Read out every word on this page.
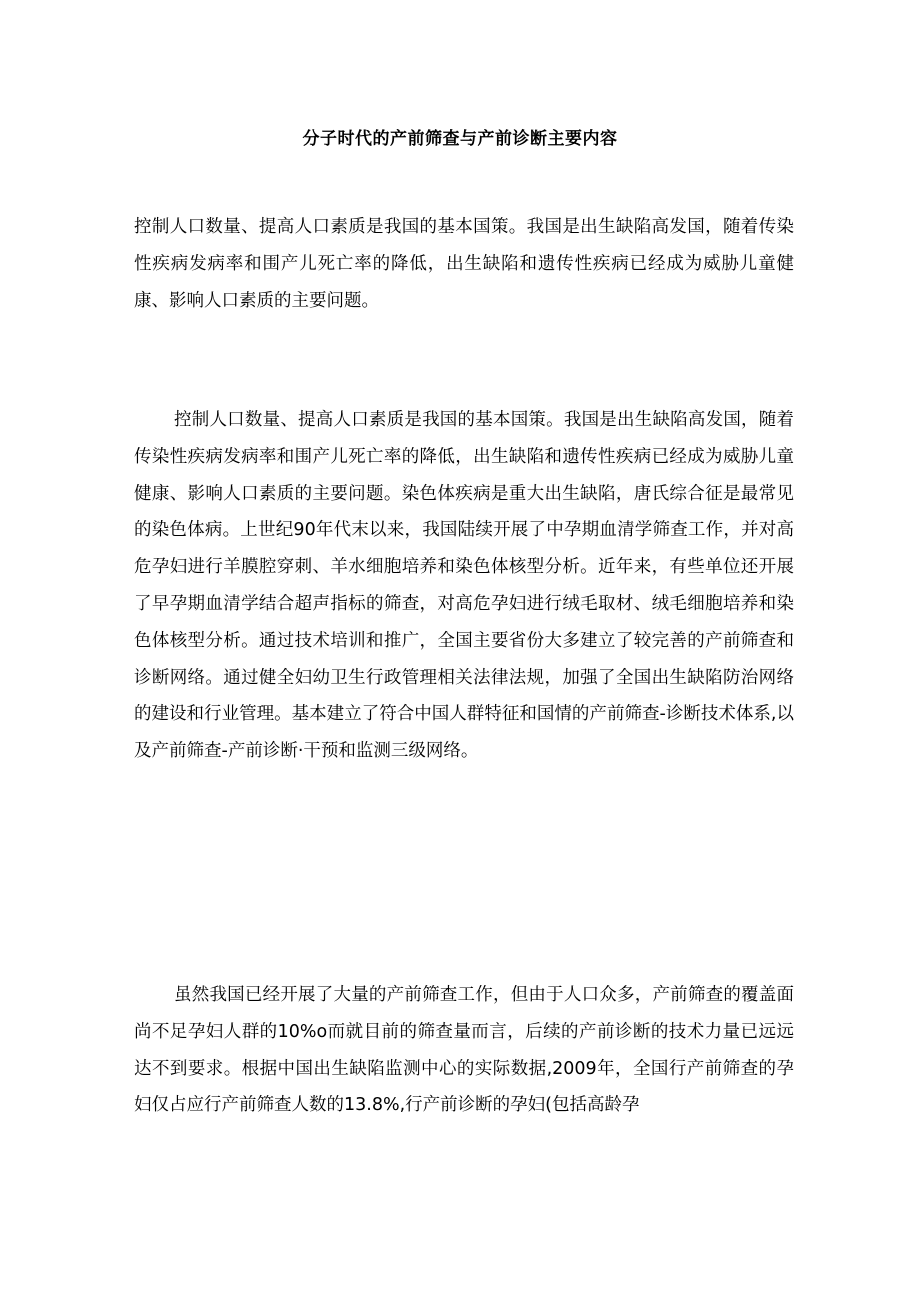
分子时代的产前筛查与产前诊断主要内容

控制人口数量、提高人口素质是我国的基本国策。我国是出生缺陷高发国，随着传染性疾病发病率和围产儿死亡率的降低，出生缺陷和遗传性疾病已经成为威胁儿童健康、影响人口素质的主要问题。

控制人口数量、提高人口素质是我国的基本国策。我国是出生缺陷高发国，随着传染性疾病发病率和围产儿死亡率的降低，出生缺陷和遗传性疾病已经成为威胁儿童健康、影响人口素质的主要问题。染色体疾病是重大出生缺陷，唐氏综合征是最常见的染色体病。上世纪90年代末以来，我国陆续开展了中孕期血清学筛查工作，并对高危孕妇进行羊膜腔穿刺、羊水细胞培养和染色体核型分析。近年来，有些单位还开展了早孕期血清学结合超声指标的筛查，对高危孕妇进行绒毛取材、绒毛细胞培养和染色体核型分析。通过技术培训和推广，全国主要省份大多建立了较完善的产前筛查和诊断网络。通过健全妇幼卫生行政管理相关法律法规，加强了全国出生缺陷防治网络的建设和行业管理。基本建立了符合中国人群特征和国情的产前筛查-诊断技术体系,以及产前筛查-产前诊断·干预和监测三级网络。

虽然我国已经开展了大量的产前筛查工作，但由于人口众多，产前筛查的覆盖面尚不足孕妇人群的10%o而就目前的筛查量而言，后续的产前诊断的技术力量已远远达不到要求。根据中国出生缺陷监测中心的实际数据,2009年，全国行产前筛查的孕妇仅占应行产前筛查人数的13.8%,行产前诊断的孕妇(包括高龄孕
